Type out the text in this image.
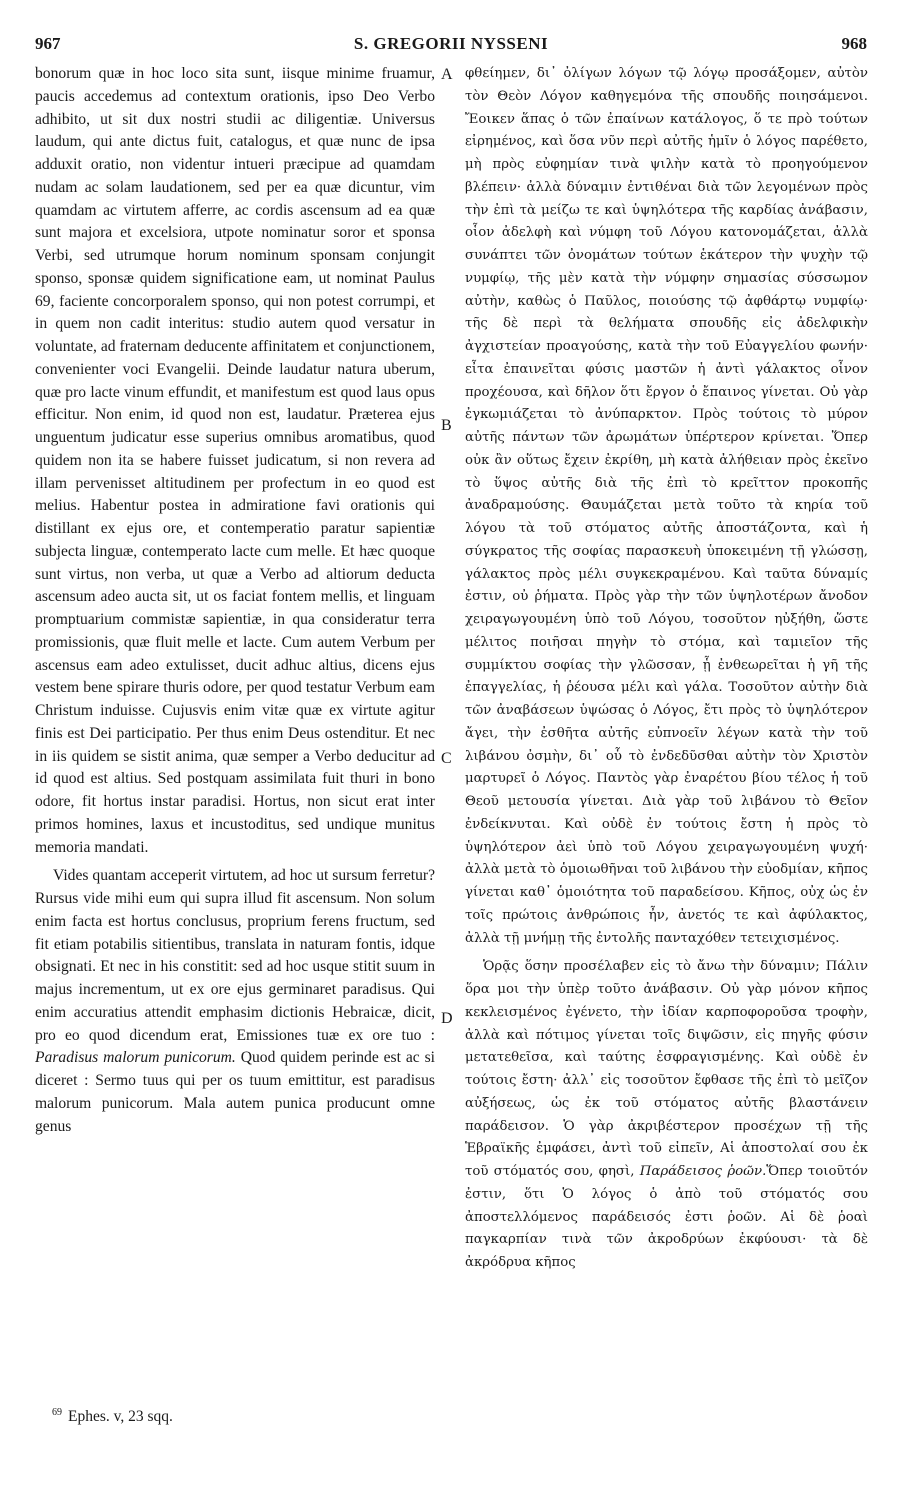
967	S. GREGORII NYSSENI	968

bonorum quæ in hoc loco sita sunt, iisque minime fruamur, paucis accedemus ad contextum orationis, ipso Deo Verbo adhibito, ut sit dux nostri studii ac diligentiæ. Universus laudum, qui ante dictus fuit, catalogus, et quæ nunc de ipsa adduxit oratio, non videntur intueri præcipue ad quamdam nudam ac solam laudationem, sed per ea quæ dicuntur, vim quamdam ac virtutem afferre, ac cordis ascensum ad ea quæ sunt majora et excelsiora, utpote nominatur soror et sponsa Verbi, sed utrumque horum nominum sponsam conjungit sponso, sponsæ quidem significatione eam, ut nominat Paulus 69, faciente concorporalem sponso, qui non potest corrumpi, et in quem non cadit interitus: studio autem quod versatur in voluntate, ad fraternam deducente affinitatem et conjunctionem, convenienter voci Evangelii. Deinde laudatur natura uberum, quæ pro lacte vinum effundit, et manifestum est quod laus opus efficitur. Non enim, id quod non est, laudatur. Præterea ejus unguentum judicatur esse superius omnibus aromatibus, quod quidem non ita se habere fuisset judicatum, si non revera ad illam pervenisset altitudinem per profectum in eo quod est melius. Habentur postea in admiratione favi orationis qui distillant ex ejus ore, et contemperatio paratur sapientiæ subjecta linguæ, contemperato lacte cum melle. Et hæc quoque sunt virtus, non verba, ut quæ a Verbo ad altiorum deducta ascensum adeo aucta sit, ut os faciat fontem mellis, et linguam promptuarium commistæ sapientiæ, in qua consideratur terra promissionis, quæ fluit melle et lacte. Cum autem Verbum per ascensus eam adeo extulisset, ducit adhuc altius, dicens ejus vestem bene spirare thuris odore, per quod testatur Verbum eam Christum induisse. Cujusvis enim vitæ quæ ex virtute agitur finis est Dei participatio. Per thus enim Deus ostenditur. Et nec in iis quidem se sistit anima, quæ semper a Verbo deducitur ad id quod est altius. Sed postquam assimilata fuit thuri in bono odore, fit hortus instar paradisi. Hortus, non sicut erat inter primos homines, laxus et incustoditus, sed undique munitus memoria mandati.

Vides quantam acceperit virtutem, ad hoc ut sursum ferretur? Rursus vide mihi eum qui supra illud fit ascensum. Non solum enim facta est hortus conclusus, proprium ferens fructum, sed fit etiam potabilis sitientibus, translata in naturam fontis, idque obsignati. Et nec in his constitit: sed ad hoc usque stitit suum in majus incrementum, ut ex ore ejus germinaret paradisus. Qui enim accuratius attendit emphasim dictionis Hebraicæ, dicit, pro eo quod dicendum erat, Emissiones tuæ ex ore tuo : Paradisus malorum punicorum. Quod quidem perinde est ac si diceret : Sermo tuus qui per os tuum emittitur, est paradisus malorum punicorum. Mala autem punica producunt omne genus

A
B
C
D

φθείημεν, δι᾽ ὀλίγων λόγων τῷ λόγῳ προσάξομεν, αὐτὸν τὸν Θεὸν Λόγον καθηγεμόνα τῆς σπουδῆς ποιησάμενοι. Ἔοικεν ἅπας ὁ τῶν ἐπαίνων κατάλογος, ὅ τε πρὸ τούτων εἰρημένος, καὶ ὅσα νῦν περὶ αὐτῆς ἡμῖν ὁ λόγος παρέθετο, μὴ πρὸς εὐφημίαν τινὰ ψιλὴν κατὰ τὸ προηγούμενον βλέπειν· ἀλλὰ δύναμιν ἐντιθέναι διὰ τῶν λεγομένων πρὸς τὴν ἐπὶ τὰ μείζω τε καὶ ὑψηλότερα τῆς καρδίας ἀνάβασιν, οἷον ἀδελφὴ καὶ νύμφη τοῦ Λόγου κατονομάζεται, ἀλλὰ συνάπτει τῶν ὀνομάτων τούτων ἑκάτερον τὴν ψυχὴν τῷ νυμφίῳ, τῆς μὲν κατὰ τὴν νύμφην σημασίας σύσσωμον αὐτὴν, καθὼς ὁ Παῦλος, ποιούσης τῷ ἀφθάρτῳ νυμφίῳ· τῆς δὲ περὶ τὰ θελήματα σπουδῆς εἰς ἀδελφικὴν ἀγχιστείαν προαγούσης, κατὰ τὴν τοῦ Εὐαγγελίου φωνήν· εἶτα ἐπαινεῖται φύσις μαστῶν ἡ ἀντὶ γάλακτος οἶνον προχέουσα, καὶ δῆλον ὅτι ἔργον ὁ ἔπαινος γίνεται. Οὐ γὰρ ἐγκωμιάζεται τὸ ἀνύπαρκτον. Πρὸς τούτοις τὸ μύρον αὐτῆς πάντων τῶν ἀρωμάτων ὑπέρτερον κρίνεται. Ὅπερ οὐκ ἂν οὕτως ἔχειν ἐκρίθη, μὴ κατὰ ἀλήθειαν πρὸς ἐκεῖνο τὸ ὕψος αὐτῆς διὰ τῆς ἐπὶ τὸ κρεῖττον προκοπῆς ἀναδραμούσης. Θαυμάζεται μετὰ τοῦτο τὰ κηρία τοῦ λόγου τὰ τοῦ στόματος αὐτῆς ἀποστάζοντα, καὶ ἡ σύγκρατος τῆς σοφίας παρασκευὴ ὑποκειμένη τῇ γλώσσῃ, γάλακτος πρὸς μέλι συγκεκραμένου. Καὶ ταῦτα δύναμίς ἐστιν, οὐ ῥήματα. Πρὸς γὰρ τὴν τῶν ὑψηλοτέρων ἄνοδον χειραγωγουμένη ὑπὸ τοῦ Λόγου, τοσοῦτον ηὐξήθη, ὥστε μέλιτος ποιῆσαι πηγὴν τὸ στόμα, καὶ ταμιεῖον τῆς συμμίκτου σοφίας τὴν γλῶσσαν, ᾗ ἐνθεωρεῖται ἡ γῆ τῆς ἐπαγγελίας, ἡ ῥέουσα μέλι καὶ γάλα. Τοσοῦτον αὐτὴν διὰ τῶν ἀναβάσεων ὑψώσας ὁ Λόγος, ἔτι πρὸς τὸ ὑψηλότερον ἄγει, τὴν ἐσθῆτα αὐτῆς εὐπνοεῖν λέγων κατὰ τὴν τοῦ λιβάνου ὀσμὴν, δι᾽ οὗ τὸ ἐνδεδῦσθαι αὐτὴν τὸν Χριστὸν μαρτυρεῖ ὁ Λόγος. Παντὸς γὰρ ἐναρέτου βίου τέλος ἡ τοῦ Θεοῦ μετουσία γίνεται. Διὰ γὰρ τοῦ λιβάνου τὸ Θεῖον ἐνδείκνυται. Καὶ οὐδὲ ἐν τούτοις ἔστη ἡ πρὸς τὸ ὑψηλότερον ἀεὶ ὑπὸ τοῦ Λόγου χειραγωγουμένη ψυχή· ἀλλὰ μετὰ τὸ ὁμοιωθῆναι τοῦ λιβάνου τὴν εὐοδμίαν, κῆπος γίνεται καθ᾽ ὁμοιότητα τοῦ παραδείσου. Κῆπος, οὐχ ὡς ἐν τοῖς πρώτοις ἀνθρώποις ἦν, ἀνετός τε καὶ ἀφύλακτος, ἀλλὰ τῇ μνήμῃ τῆς ἐντολῆς πανταχόθεν τετειχισμένος.

Ὁρᾷς ὅσην προσέλαβεν εἰς τὸ ἄνω τὴν δύναμιν; Πάλιν ὅρα μοι τὴν ὑπὲρ τοῦτο ἀνάβασιν. Οὐ γὰρ μόνον κῆπος κεκλεισμένος ἐγένετο, τὴν ἰδίαν καρποφοροῦσα τροφὴν, ἀλλὰ καὶ πότιμος γίνεται τοῖς διψῶσιν, εἰς πηγῆς φύσιν μετατεθεῖσα, καὶ ταύτης ἐσφραγισμένης. Καὶ οὐδὲ ἐν τούτοις ἔστη· ἀλλ᾽ εἰς τοσοῦτον ἔφθασε τῆς ἐπὶ τὸ μεῖζον αὐξήσεως, ὡς ἐκ τοῦ στόματος αὐτῆς βλαστάνειν παράδεισον. Ὁ γὰρ ἀκριβέστερον προσέχων τῇ τῆς Ἑβραϊκῆς ἐμφάσει, ἀντὶ τοῦ εἰπεῖν, Αἱ ἀποστολαί σου ἐκ τοῦ στόματός σου, φησὶ, Παράδεισος ῥοῶν.Ὅπερ τοιοῦτόν ἐστιν, ὅτι Ὁ λόγος ὁ ἀπὸ τοῦ στόματός σου ἀποστελλόμενος παράδεισός ἐστι ῥοῶν. Αἱ δὲ ῥοαὶ παγκαρπίαν τινὰ τῶν ἀκροδρύων ἐκφύουσι· τὰ δὲ ἀκρόδρυα κῆπος

$^{69}$ Ephes. v, 23 sqq.
